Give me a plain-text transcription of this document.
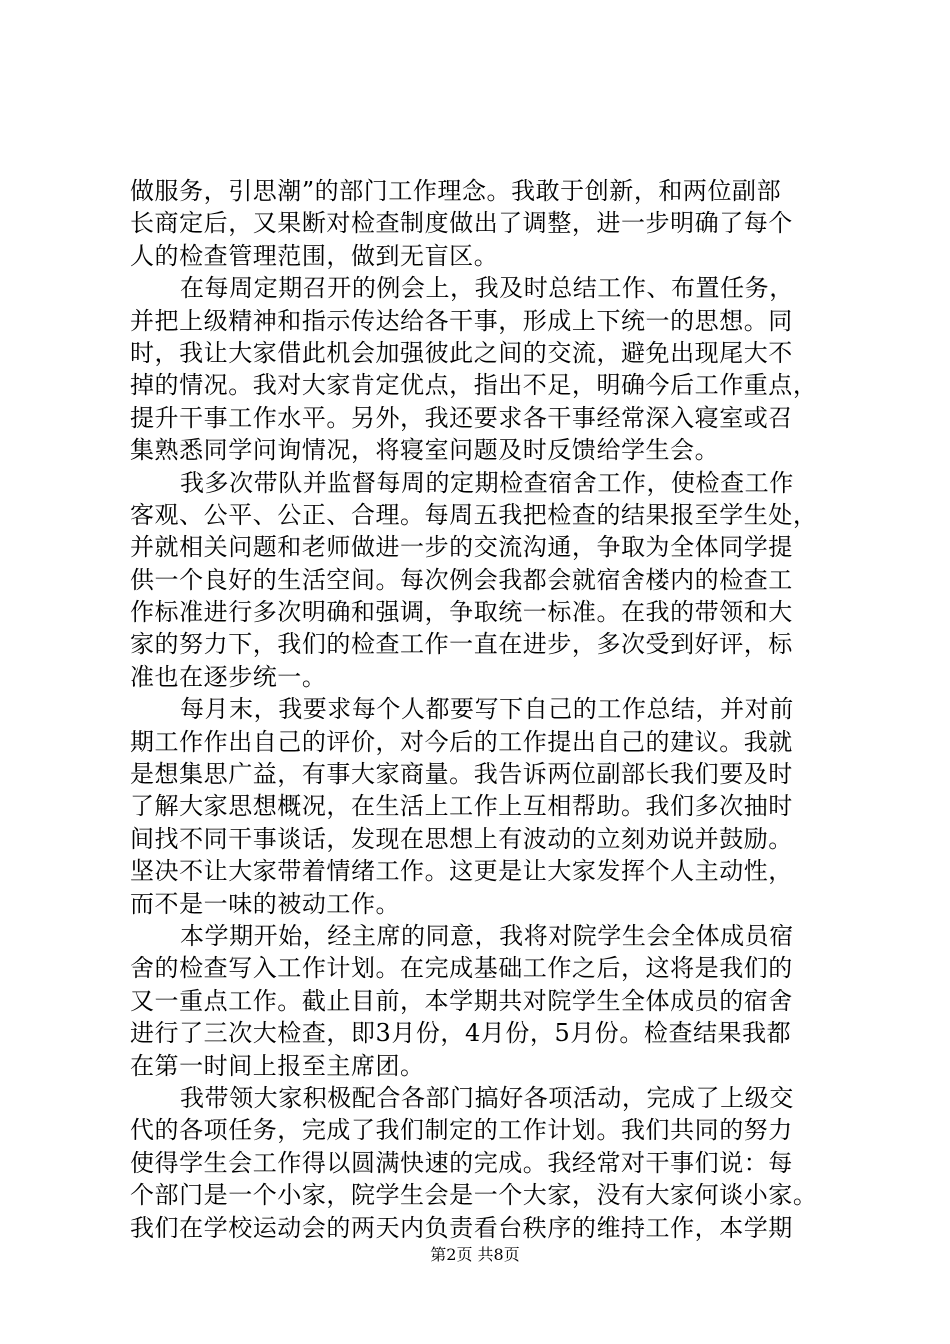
做服务，引思潮”的部门工作理念。我敢于创新，和两位副部
长商定后，又果断对检查制度做出了调整，进一步明确了每个
人的检查管理范围，做到无盲区。
在每周定期召开的例会上，我及时总结工作、布置任务，
并把上级精神和指示传达给各干事，形成上下统一的思想。同
时，我让大家借此机会加强彼此之间的交流，避免出现尾大不
掉的情况。我对大家肯定优点，指出不足，明确今后工作重点，
提升干事工作水平。另外，我还要求各干事经常深入寝室或召
集熟悉同学问询情况，将寝室问题及时反馈给学生会。
我多次带队并监督每周的定期检查宿舍工作，使检查工作
客观、公平、公正、合理。每周五我把检查的结果报至学生处，
并就相关问题和老师做进一步的交流沟通，争取为全体同学提
供一个良好的生活空间。每次例会我都会就宿舍楼内的检查工
作标准进行多次明确和强调，争取统一标准。在我的带领和大
家的努力下，我们的检查工作一直在进步，多次受到好评，标
准也在逐步统一。
每月末，我要求每个人都要写下自己的工作总结，并对前
期工作作出自己的评价，对今后的工作提出自己的建议。我就
是想集思广益，有事大家商量。我告诉两位副部长我们要及时
了解大家思想概况，在生活上工作上互相帮助。我们多次抽时
间找不同干事谈话，发现在思想上有波动的立刻劝说并鼓励。
坚决不让大家带着情绪工作。这更是让大家发挥个人主动性，
而不是一味的被动工作。
本学期开始，经主席的同意，我将对院学生会全体成员宿
舍的检查写入工作计划。在完成基础工作之后，这将是我们的
又一重点工作。截止目前，本学期共对院学生全体成员的宿舍
进行了三次大检查，即3月份，4月份，5月份。检查结果我都
在第一时间上报至主席团。
我带领大家积极配合各部门搞好各项活动，完成了上级交
代的各项任务，完成了我们制定的工作计划。我们共同的努力
使得学生会工作得以圆满快速的完成。我经常对干事们说：每
个部门是一个小家，院学生会是一个大家，没有大家何谈小家。
我们在学校运动会的两天内负责看台秩序的维持工作，本学期
第2页 共8页
